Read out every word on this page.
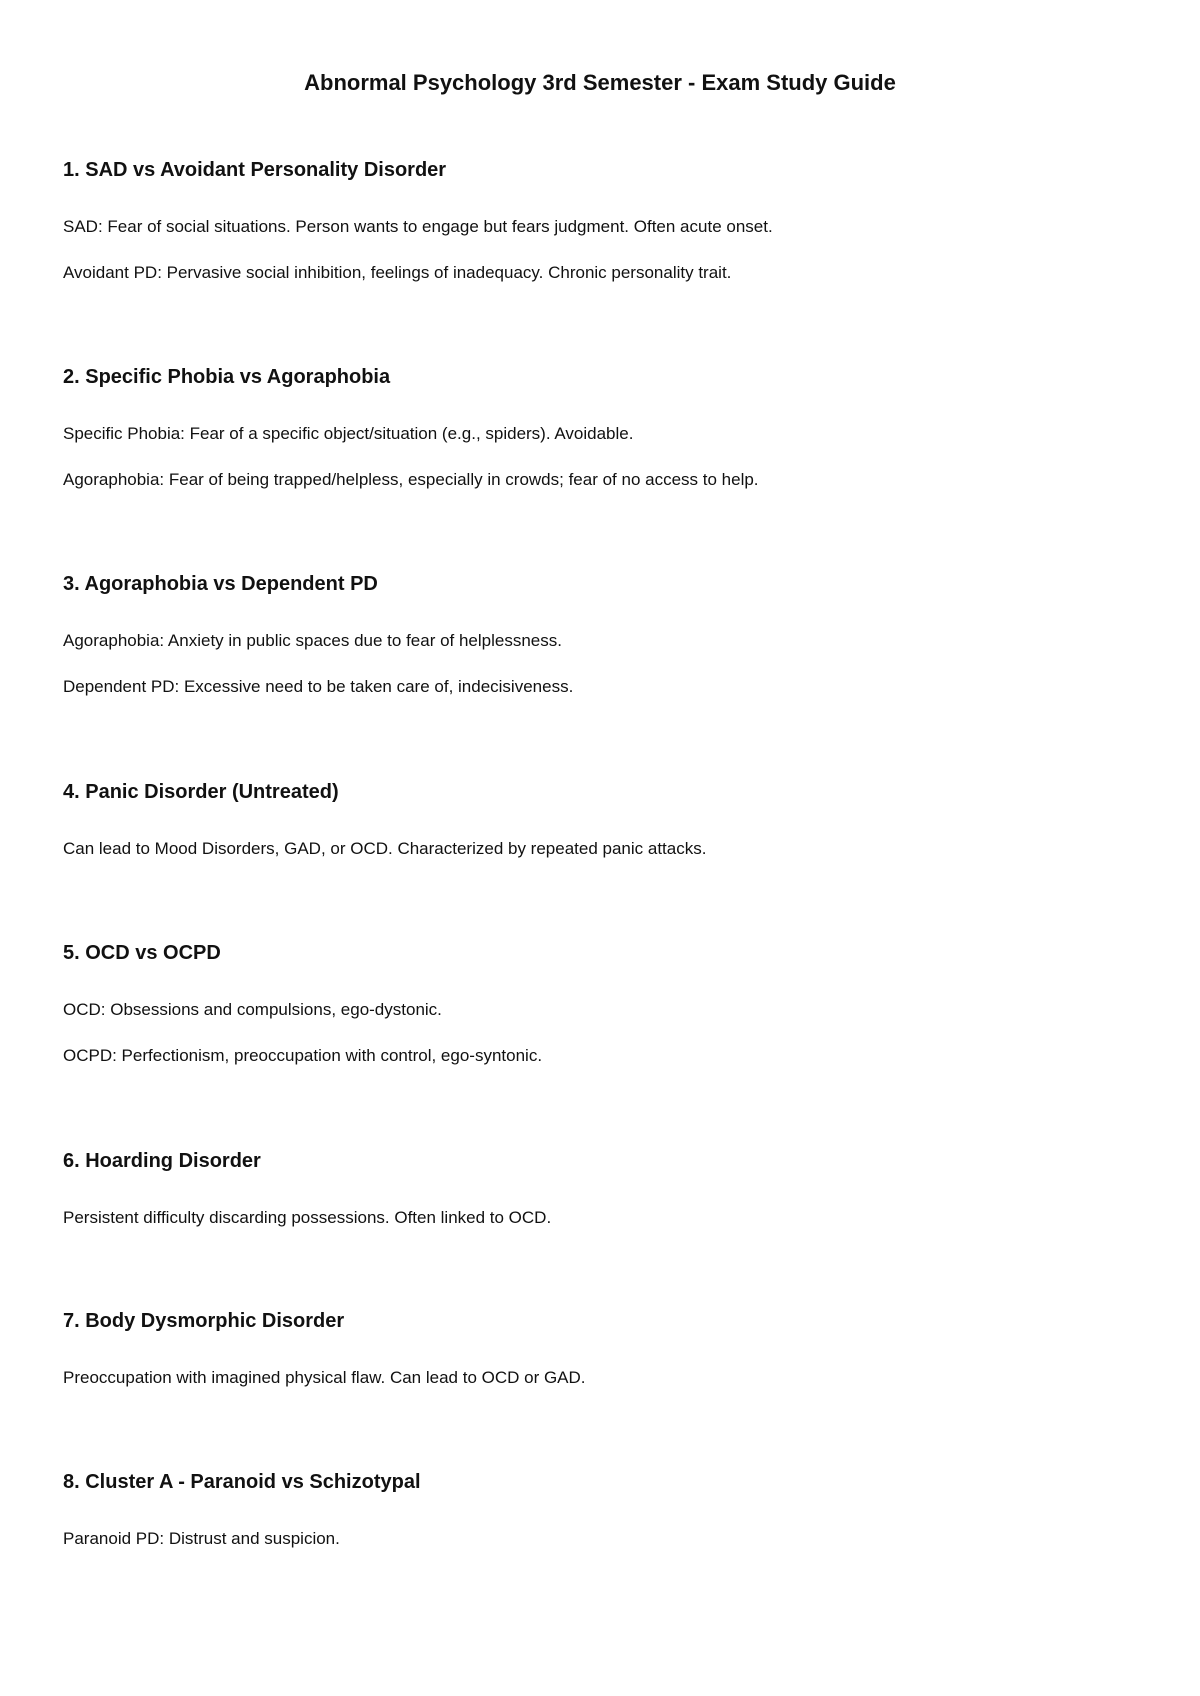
Abnormal Psychology 3rd Semester - Exam Study Guide
1. SAD vs Avoidant Personality Disorder
SAD: Fear of social situations. Person wants to engage but fears judgment. Often acute onset.
Avoidant PD: Pervasive social inhibition, feelings of inadequacy. Chronic personality trait.
2. Specific Phobia vs Agoraphobia
Specific Phobia: Fear of a specific object/situation (e.g., spiders). Avoidable.
Agoraphobia: Fear of being trapped/helpless, especially in crowds; fear of no access to help.
3. Agoraphobia vs Dependent PD
Agoraphobia: Anxiety in public spaces due to fear of helplessness.
Dependent PD: Excessive need to be taken care of, indecisiveness.
4. Panic Disorder (Untreated)
Can lead to Mood Disorders, GAD, or OCD. Characterized by repeated panic attacks.
5. OCD vs OCPD
OCD: Obsessions and compulsions, ego-dystonic.
OCPD: Perfectionism, preoccupation with control, ego-syntonic.
6. Hoarding Disorder
Persistent difficulty discarding possessions. Often linked to OCD.
7. Body Dysmorphic Disorder
Preoccupation with imagined physical flaw. Can lead to OCD or GAD.
8. Cluster A - Paranoid vs Schizotypal
Paranoid PD: Distrust and suspicion.
